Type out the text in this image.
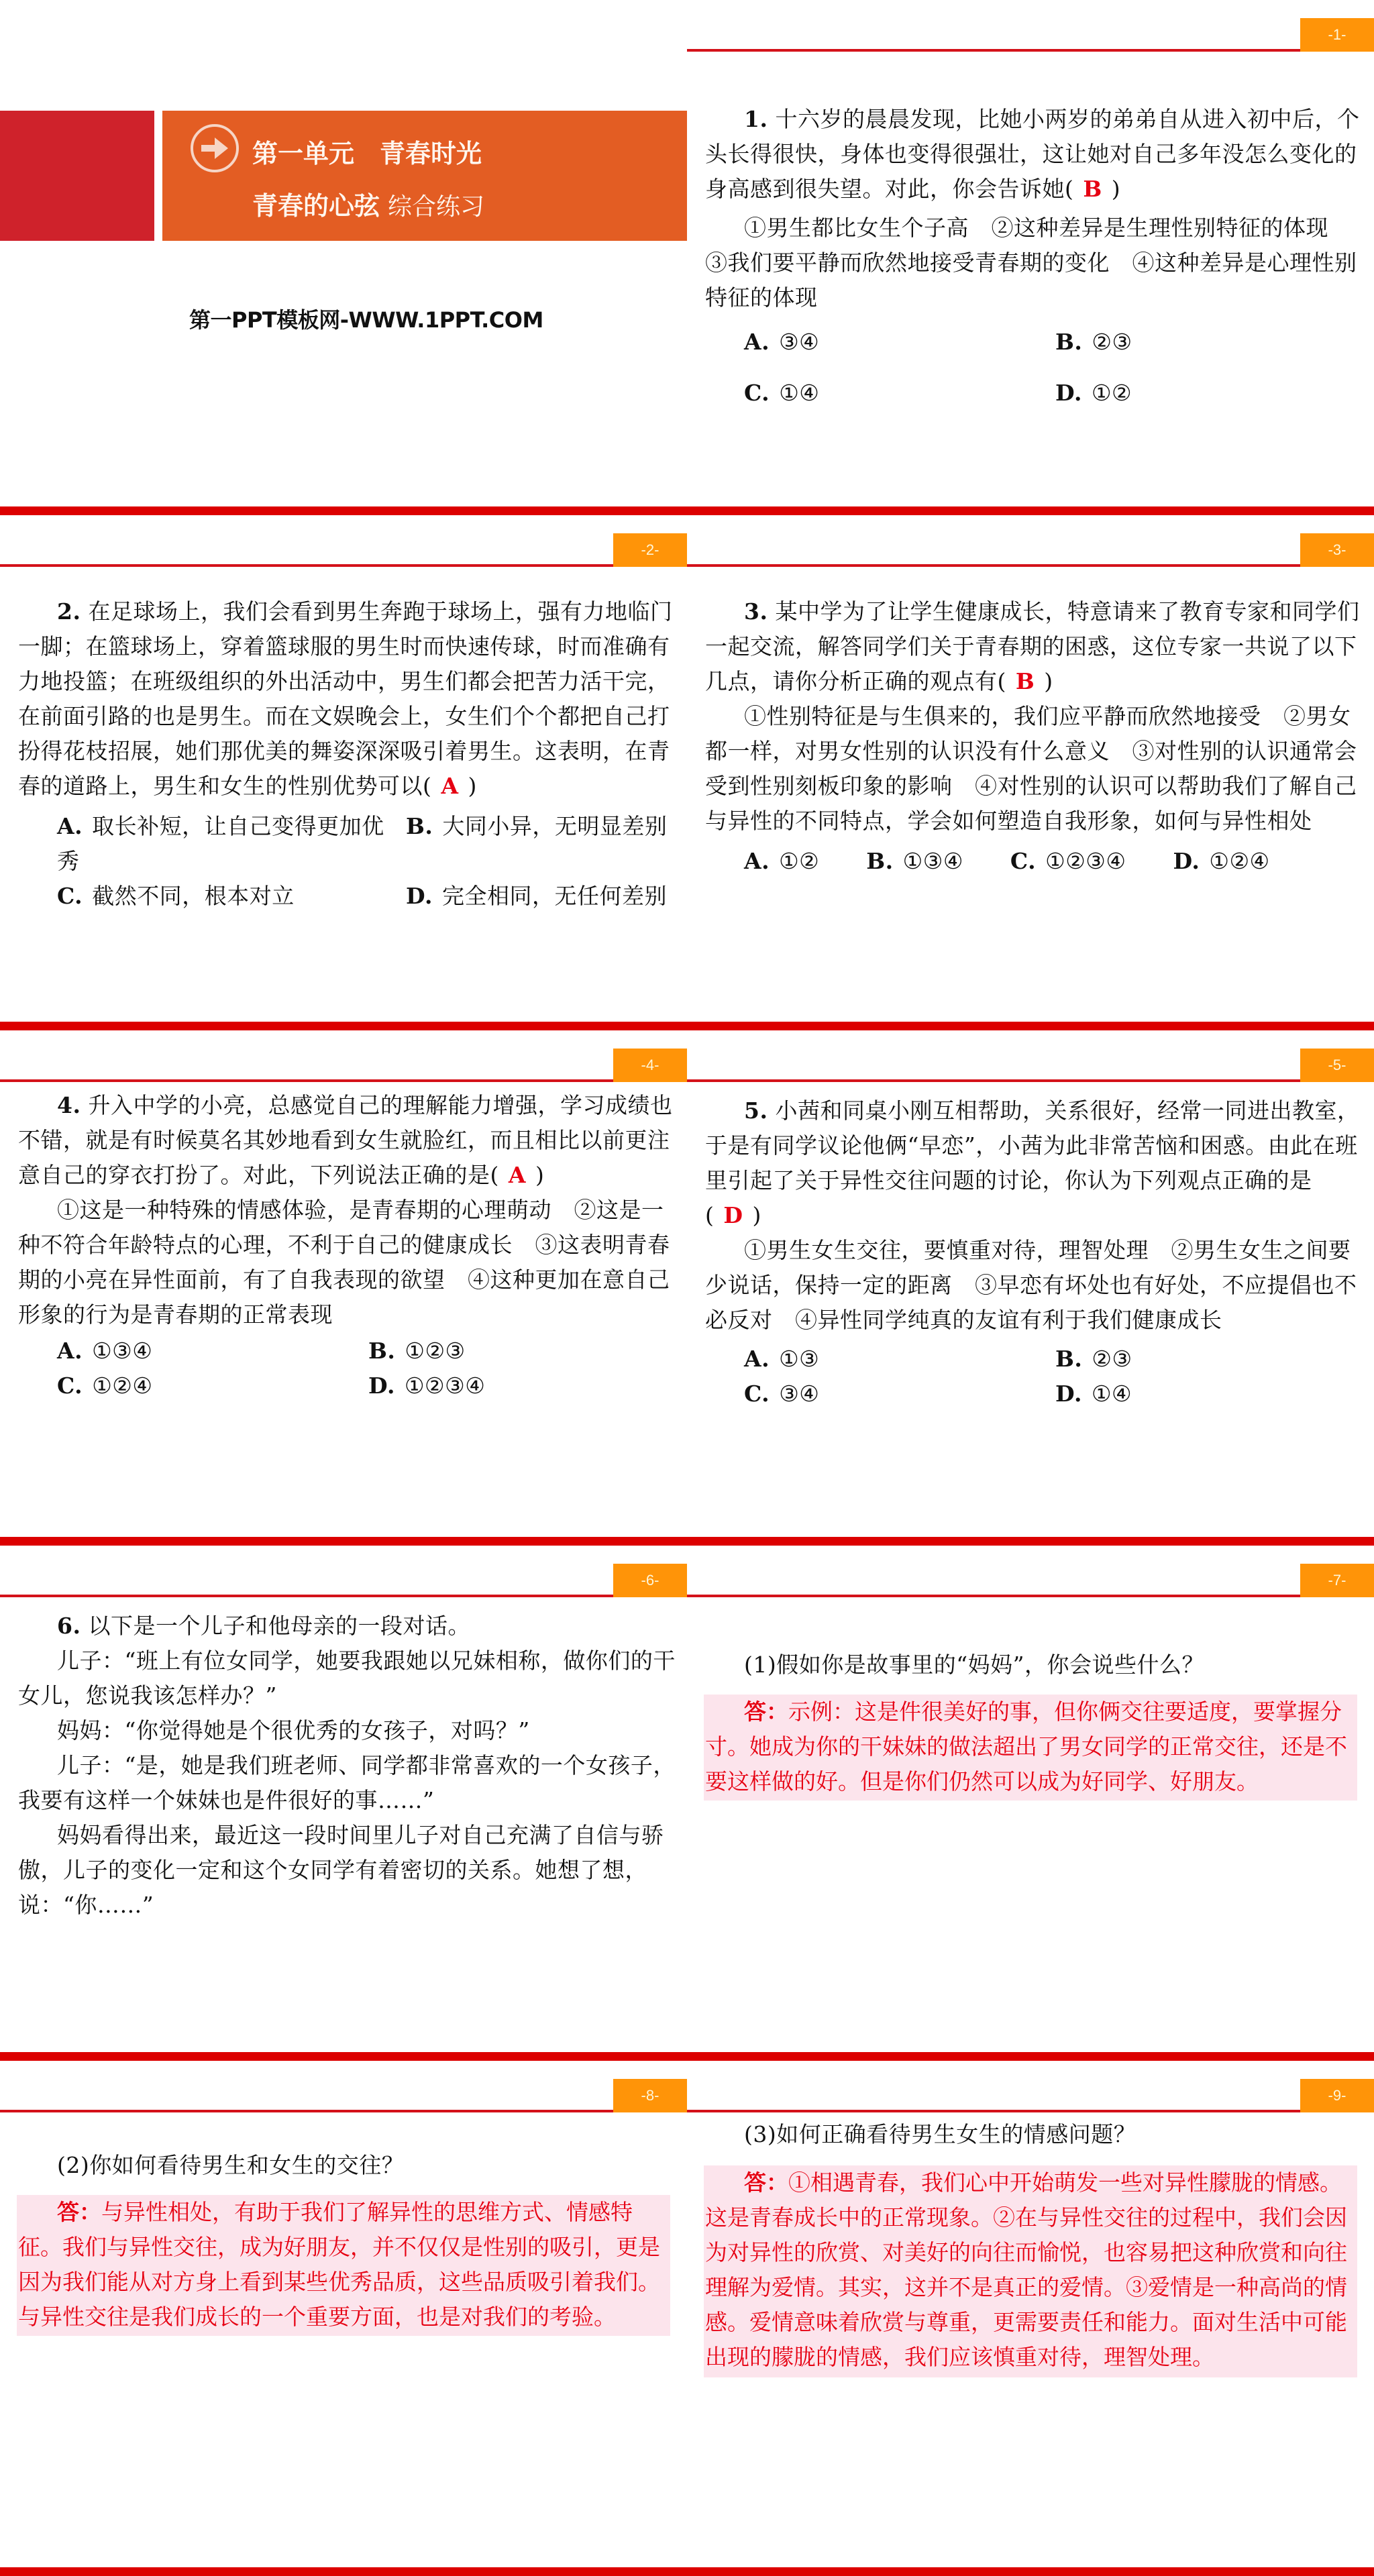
第一单元　青春时光
青春的心弦 综合练习
第一PPT模板网-WWW.1PPT.COM
-1-

1. 十六岁的晨晨发现，比她小两岁的弟弟自从进入初中后，个头长得很快，身体也变得很强壮，这让她对自己多年没怎么变化的身高感到很失望。对此，你会告诉她( B )

①男生都比女生个子高　②这种差异是生理性别特征的体现　③我们要平静而欣然地接受青春期的变化　④这种差异是心理性别特征的体现

A. ③④	B. ②③
C. ①④	D. ①②
-2-

2. 在足球场上，我们会看到男生奔跑于球场上，强有力地临门一脚；在篮球场上，穿着篮球服的男生时而快速传球，时而准确有力地投篮；在班级组织的外出活动中，男生们都会把苦力活干完，在前面引路的也是男生。而在文娱晚会上，女生们个个都把自己打扮得花枝招展，她们那优美的舞姿深深吸引着男生。这表明，在青春的道路上，男生和女生的性别优势可以( A )

A. 取长补短，让自己变得更加优秀
B. 大同小异，无明显差别
C. 截然不同，根本对立	D. 完全相同，无任何差别
-3-

3. 某中学为了让学生健康成长，特意请来了教育专家和同学们一起交流，解答同学们关于青春期的困惑，这位专家一共说了以下几点，请你分析正确的观点有( B )

①性别特征是与生俱来的，我们应平静而欣然地接受　②男女都一样，对男女性别的认识没有什么意义　③对性别的认识通常会受到性别刻板印象的影响　④对性别的认识可以帮助我们了解自己与异性的不同特点，学会如何塑造自我形象，如何与异性相处

A. ①② B. ①③④ C. ①②③④ D. ①②④
-4-

4. 升入中学的小亮，总感觉自己的理解能力增强，学习成绩也不错，就是有时候莫名其妙地看到女生就脸红，而且相比以前更注意自己的穿衣打扮了。对此，下列说法正确的是( A )

①这是一种特殊的情感体验，是青春期的心理萌动　②这是一种不符合年龄特点的心理，不利于自己的健康成长　③这表明青春期的小亮在异性面前，有了自我表现的欲望　④这种更加在意自己形象的行为是青春期的正常表现

A. ①③④	B. ①②③
C. ①②④	D. ①②③④
-5-

5. 小茜和同桌小刚互相帮助，关系很好，经常一同进出教室，于是有同学议论他俩“早恋”，小茜为此非常苦恼和困惑。由此在班里引起了关于异性交往问题的讨论，你认为下列观点正确的是( D )

①男生女生交往，要慎重对待，理智处理　②男生女生之间要少说话，保持一定的距离　③早恋有坏处也有好处，不应提倡也不必反对　④异性同学纯真的友谊有利于我们健康成长

A. ①③	B. ②③
C. ③④	D. ①④
-6-

6. 以下是一个儿子和他母亲的一段对话。

儿子：“班上有位女同学，她要我跟她以兄妹相称，做你们的干女儿，您说我该怎样办？”

妈妈：“你觉得她是个很优秀的女孩子，对吗？”

儿子：“是，她是我们班老师、同学都非常喜欢的一个女孩子，我要有这样一个妹妹也是件很好的事……”

妈妈看得出来，最近这一段时间里儿子对自己充满了自信与骄傲，儿子的变化一定和这个女同学有着密切的关系。她想了想，说：“你……”

-7-

(1)假如你是故事里的“妈妈”，你会说些什么？

答：示例：这是件很美好的事，但你俩交往要适度，要掌握分寸。她成为你的干妹妹的做法超出了男女同学的正常交往，还是不要这样做的好。但是你们仍然可以成为好同学、好朋友。

-8-

(2)你如何看待男生和女生的交往？

答：与异性相处，有助于我们了解异性的思维方式、情感特征。我们与异性交往，成为好朋友，并不仅仅是性别的吸引，更是因为我们能从对方身上看到某些优秀品质，这些品质吸引着我们。与异性交往是我们成长的一个重要方面，也是对我们的考验。

-9-

(3)如何正确看待男生女生的情感问题？

答：①相遇青春，我们心中开始萌发一些对异性朦胧的情感。这是青春成长中的正常现象。②在与异性交往的过程中，我们会因为对异性的欣赏、对美好的向往而愉悦，也容易把这种欣赏和向往理解为爱情。其实，这并不是真正的爱情。③爱情是一种高尚的情感。爱情意味着欣赏与尊重，更需要责任和能力。面对生活中可能出现的朦胧的情感，我们应该慎重对待，理智处理。
